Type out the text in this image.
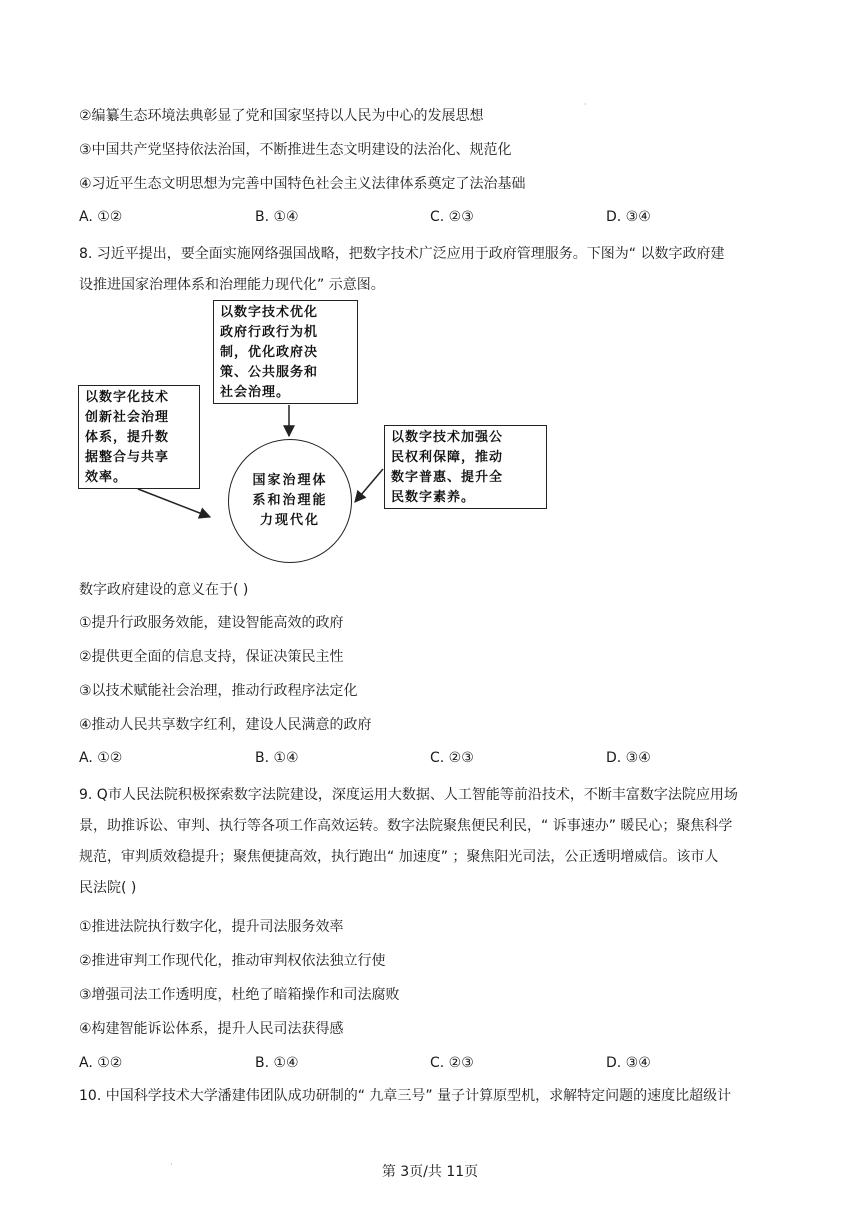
②编纂生态环境法典彰显了党和国家坚持以人民为中心的发展思想
③中国共产党坚持依法治国，不断推进生态文明建设的法治化、规范化
④习近平生态文明思想为完善中国特色社会主义法律体系奠定了法治基础
A. ①②	B. ①④	C. ②③	D. ③④
8. 习近平提出，要全面实施网络强国战略，把数字技术广泛应用于政府管理服务。下图为“ 以数字政府建
设推进国家治理体系和治理能力现代化” 示意图。
以数字技术优化
政府行政行为机
制，优化政府决
策、公共服务和
社会治理。
以数字化技术
创新社会治理
体系，提升数
据整合与共享
效率。
以数字技术加强公
民权利保障，推动
数字普惠、提升全
民数字素养。
国家治理体
系和治理能
力现代化
数字政府建设的意义在于( )
①提升行政服务效能，建设智能高效的政府
②提供更全面的信息支持，保证决策民主性
③以技术赋能社会治理，推动行政程序法定化
④推动人民共享数字红利，建设人民满意的政府
A. ①②	B. ①④	C. ②③	D. ③④
9. Q市人民法院积极探索数字法院建设，深度运用大数据、人工智能等前沿技术，不断丰富数字法院应用场
景，助推诉讼、审判、执行等各项工作高效运转。数字法院聚焦便民利民，“ 诉事速办” 暖民心；聚焦科学
规范，审判质效稳提升；聚焦便捷高效，执行跑出“ 加速度” ；聚焦阳光司法，公正透明增威信。该市人
民法院( )
①推进法院执行数字化，提升司法服务效率
②推进审判工作现代化，推动审判权依法独立行使
③增强司法工作透明度，杜绝了暗箱操作和司法腐败
④构建智能诉讼体系，提升人民司法获得感
A. ①②	B. ①④	C. ②③	D. ③④
10. 中国科学技术大学潘建伟团队成功研制的“ 九章三号” 量子计算原型机，求解特定问题的速度比超级计
·
·	第 3页/共 11页
